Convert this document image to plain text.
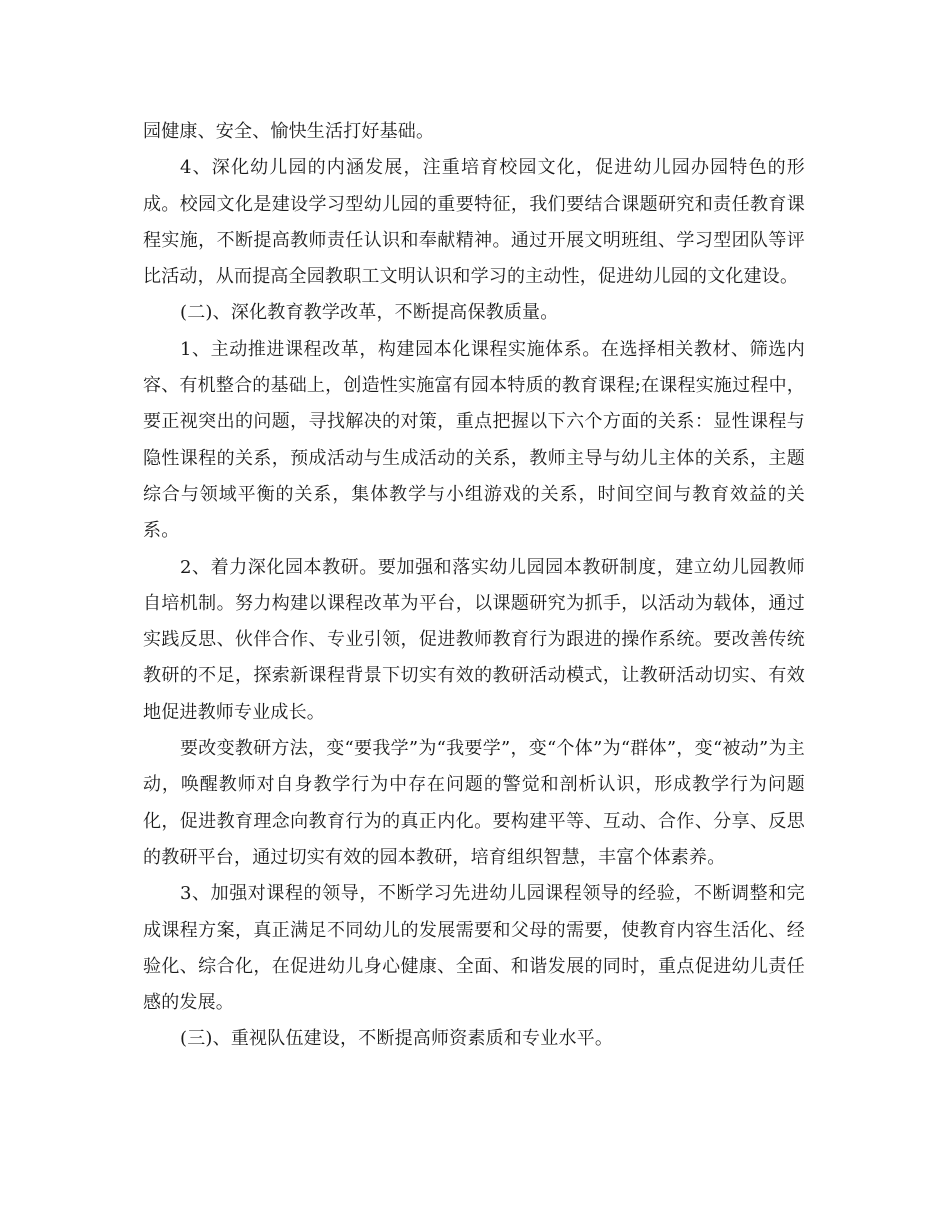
园健康、安全、愉快生活打好基础。

4、深化幼儿园的内涵发展，注重培育校园文化，促进幼儿园办园特色的形成。校园文化是建设学习型幼儿园的重要特征，我们要结合课题研究和责任教育课程实施，不断提高教师责任认识和奉献精神。通过开展文明班组、学习型团队等评比活动，从而提高全园教职工文明认识和学习的主动性，促进幼儿园的文化建设。

(二)、深化教育教学改革，不断提高保教质量。

1、主动推进课程改革，构建园本化课程实施体系。在选择相关教材、筛选内容、有机整合的基础上，创造性实施富有园本特质的教育课程;在课程实施过程中，要正视突出的问题，寻找解决的对策，重点把握以下六个方面的关系：显性课程与隐性课程的关系，预成活动与生成活动的关系，教师主导与幼儿主体的关系，主题综合与领域平衡的关系，集体教学与小组游戏的关系，时间空间与教育效益的关系。

2、着力深化园本教研。要加强和落实幼儿园园本教研制度，建立幼儿园教师自培机制。努力构建以课程改革为平台，以课题研究为抓手，以活动为载体，通过实践反思、伙伴合作、专业引领，促进教师教育行为跟进的操作系统。要改善传统教研的不足，探索新课程背景下切实有效的教研活动模式，让教研活动切实、有效地促进教师专业成长。

要改变教研方法，变“要我学”为“我要学”，变“个体”为“群体”，变“被动”为主动，唤醒教师对自身教学行为中存在问题的警觉和剖析认识，形成教学行为问题化，促进教育理念向教育行为的真正内化。要构建平等、互动、合作、分享、反思的教研平台，通过切实有效的园本教研，培育组织智慧，丰富个体素养。

3、加强对课程的领导，不断学习先进幼儿园课程领导的经验，不断调整和完成课程方案，真正满足不同幼儿的发展需要和父母的需要，使教育内容生活化、经验化、综合化，在促进幼儿身心健康、全面、和谐发展的同时，重点促进幼儿责任感的发展。

(三)、重视队伍建设，不断提高师资素质和专业水平。
